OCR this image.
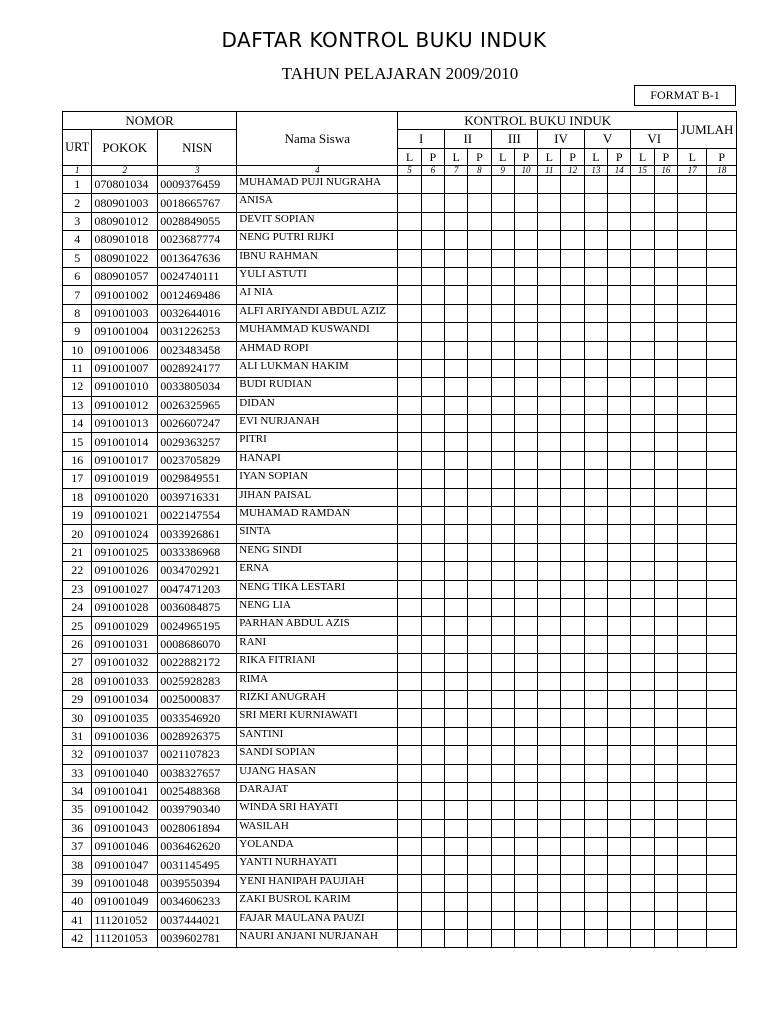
DAFTAR KONTROL BUKU INDUK
TAHUN PELAJARAN 2009/2010
FORMAT B-1
NOMOR			Nama Siswa	KONTROL BUKU INDUK												JUMLAH	
URT	POKOK	NISN		I		II		III		IV		V		VI			
				L	P	L	P	L	P	L	P	L	P	L	P	L	P
1	2	3	4	5	6	7	8	9	10	11	12	13	14	15	16	17	18
1	070801034	0009376459	MUHAMAD PUJI NUGRAHA														
2	080901003	0018665767	ANISA														
3	080901012	0028849055	DEVIT SOPIAN														
4	080901018	0023687774	NENG PUTRI RIJKI														
5	080901022	0013647636	IBNU RAHMAN														
6	080901057	0024740111	YULI ASTUTI														
7	091001002	0012469486	AI NIA														
8	091001003	0032644016	ALFI ARIYANDI ABDUL AZIZ														
9	091001004	0031226253	MUHAMMAD KUSWANDI														
10	091001006	0023483458	AHMAD ROPI														
11	091001007	0028924177	ALI LUKMAN HAKIM														
12	091001010	0033805034	BUDI RUDIAN														
13	091001012	0026325965	DIDAN														
14	091001013	0026607247	EVI NURJANAH														
15	091001014	0029363257	PITRI														
16	091001017	0023705829	HANAPI														
17	091001019	0029849551	IYAN SOPIAN														
18	091001020	0039716331	JIHAN PAISAL														
19	091001021	0022147554	MUHAMAD RAMDAN														
20	091001024	0033926861	SINTA														
21	091001025	0033386968	NENG SINDI														
22	091001026	0034702921	ERNA														
23	091001027	0047471203	NENG TIKA LESTARI														
24	091001028	0036084875	NENG LIA														
25	091001029	0024965195	PARHAN ABDUL AZIS														
26	091001031	0008686070	RANI														
27	091001032	0022882172	RIKA FITRIANI														
28	091001033	0025928283	RIMA														
29	091001034	0025000837	RIZKI ANUGRAH														
30	091001035	0033546920	SRI MERI KURNIAWATI														
31	091001036	0028926375	SANTINI														
32	091001037	0021107823	SANDI SOPIAN														
33	091001040	0038327657	UJANG HASAN														
34	091001041	0025488368	DARAJAT														
35	091001042	0039790340	WINDA SRI HAYATI														
36	091001043	0028061894	WASILAH														
37	091001046	0036462620	YOLANDA														
38	091001047	0031145495	YANTI NURHAYATI														
39	091001048	0039550394	YENI HANIPAH PAUJIAH														
40	091001049	0034606233	ZAKI BUSROL KARIM														
41	111201052	0037444021	FAJAR MAULANA PAUZI														
42	111201053	0039602781	NAURI ANJANI NURJANAH														
